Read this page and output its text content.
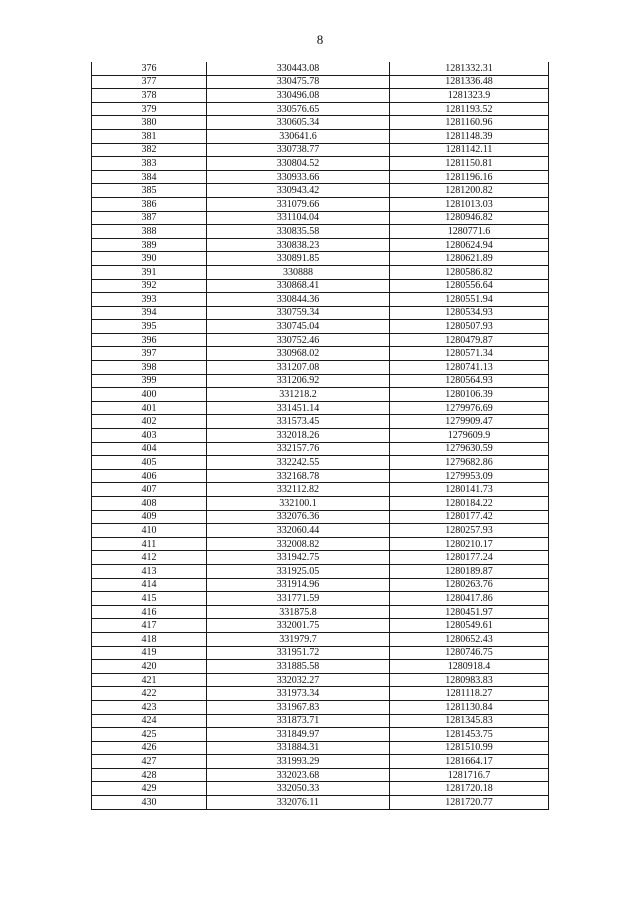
8
376	330443.08	1281332.31
377	330475.78	1281336.48
378	330496.08	1281323.9
379	330576.65	1281193.52
380	330605.34	1281160.96
381	330641.6	1281148.39
382	330738.77	1281142.11
383	330804.52	1281150.81
384	330933.66	1281196.16
385	330943.42	1281200.82
386	331079.66	1281013.03
387	331104.04	1280946.82
388	330835.58	1280771.6
389	330838.23	1280624.94
390	330891.85	1280621.89
391	330888	1280586.82
392	330868.41	1280556.64
393	330844.36	1280551.94
394	330759.34	1280534.93
395	330745.04	1280507.93
396	330752.46	1280479.87
397	330968.02	1280571.34
398	331207.08	1280741.13
399	331206.92	1280564.93
400	331218.2	1280106.39
401	331451.14	1279976.69
402	331573.45	1279909.47
403	332018.26	1279609.9
404	332157.76	1279630.59
405	332242.55	1279682.86
406	332168.78	1279953.09
407	332112.82	1280141.73
408	332100.1	1280184.22
409	332076.36	1280177.42
410	332060.44	1280257.93
411	332008.82	1280210.17
412	331942.75	1280177.24
413	331925.05	1280189.87
414	331914.96	1280263.76
415	331771.59	1280417.86
416	331875.8	1280451.97
417	332001.75	1280549.61
418	331979.7	1280652.43
419	331951.72	1280746.75
420	331885.58	1280918.4
421	332032.27	1280983.83
422	331973.34	1281118.27
423	331967.83	1281130.84
424	331873.71	1281345.83
425	331849.97	1281453.75
426	331884.31	1281510.99
427	331993.29	1281664.17
428	332023.68	1281716.7
429	332050.33	1281720.18
430	332076.11	1281720.77
